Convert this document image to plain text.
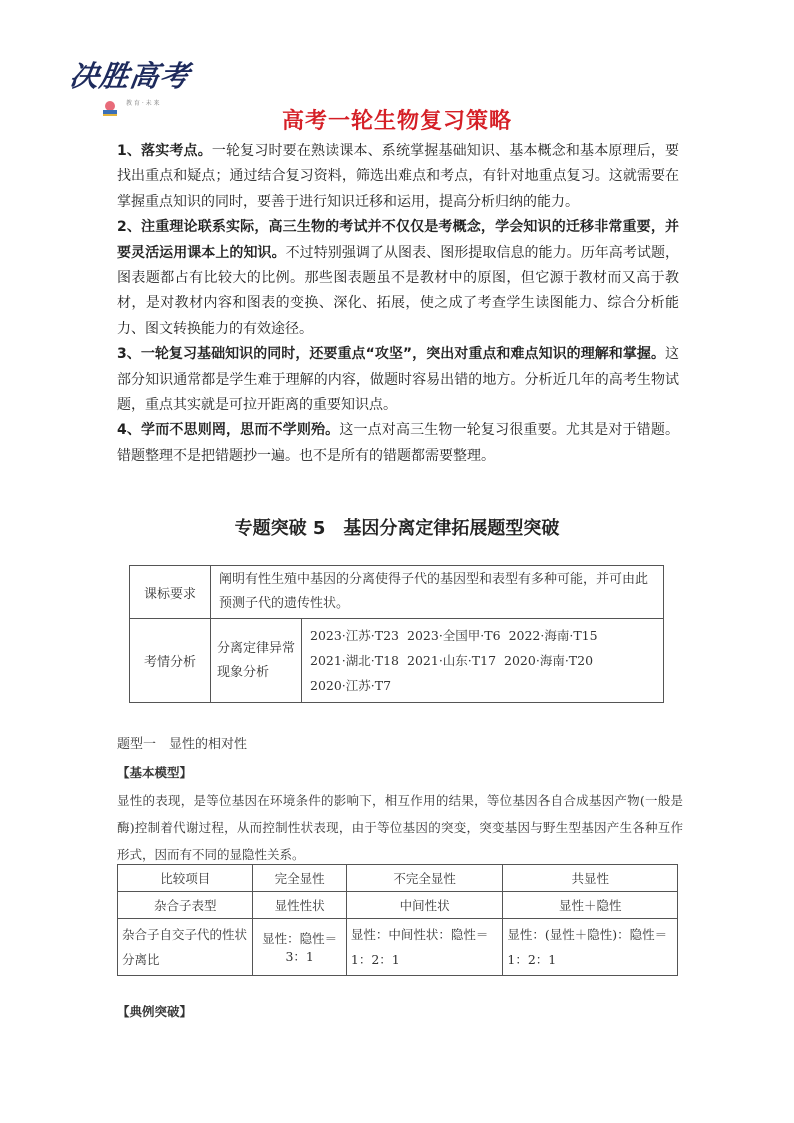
决胜高考
教 育 · 未 来
高考一轮生物复习策略

1、落实考点。一轮复习时要在熟读课本、系统掌握基础知识、基本概念和基本原理后，要找出重点和疑点；通过结合复习资料，筛选出难点和考点，有针对地重点复习。这就需要在掌握重点知识的同时，要善于进行知识迁移和运用，提高分析归纳的能力。

2、注重理论联系实际，高三生物的考试并不仅仅是考概念，学会知识的迁移非常重要，并要灵活运用课本上的知识。不过特别强调了从图表、图形提取信息的能力。历年高考试题，图表题都占有比较大的比例。那些图表题虽不是教材中的原图，但它源于教材而又高于教材，是对教材内容和图表的变换、深化、拓展，使之成了考查学生读图能力、综合分析能力、图文转换能力的有效途径。

3、一轮复习基础知识的同时，还要重点“攻坚”，突出对重点和难点知识的理解和掌握。这部分知识通常都是学生难于理解的内容，做题时容易出错的地方。分析近几年的高考生物试题，重点其实就是可拉开距离的重要知识点。

4、学而不思则罔，思而不学则殆。这一点对高三生物一轮复习很重要。尤其是对于错题。错题整理不是把错题抄一遍。也不是所有的错题都需要整理。

专题突破 5　基因分离定律拓展题型突破
课标要求	阐明有性生殖中基因的分离使得子代的基因型和表型有多种可能，并可由此预测子代的遗传性状。	
考情分析	分离定律异常现象分析	2023·江苏·T23 2023·全国甲·T6 2022·海南·T15
2021·湖北·T18 2021·山东·T17 2020·海南·T20
2020·江苏·T7
题型一　显性的相对性
【基本模型】

显性的表现，是等位基因在环境条件的影响下，相互作用的结果，等位基因各自合成基因产物(一般是酶)控制着代谢过程，从而控制性状表现，由于等位基因的突变，突变基因与野生型基因产生各种互作形式，因而有不同的显隐性关系。

比较项目	完全显性	不完全显性	共显性
杂合子表型	显性性状	中间性状	显性＋隐性
杂合子自交子代的性状分离比	显性：隐性＝3：1	显性：中间性状：隐性＝1：2：1	显性：(显性＋隐性)：隐性＝1：2：1
【典例突破】
